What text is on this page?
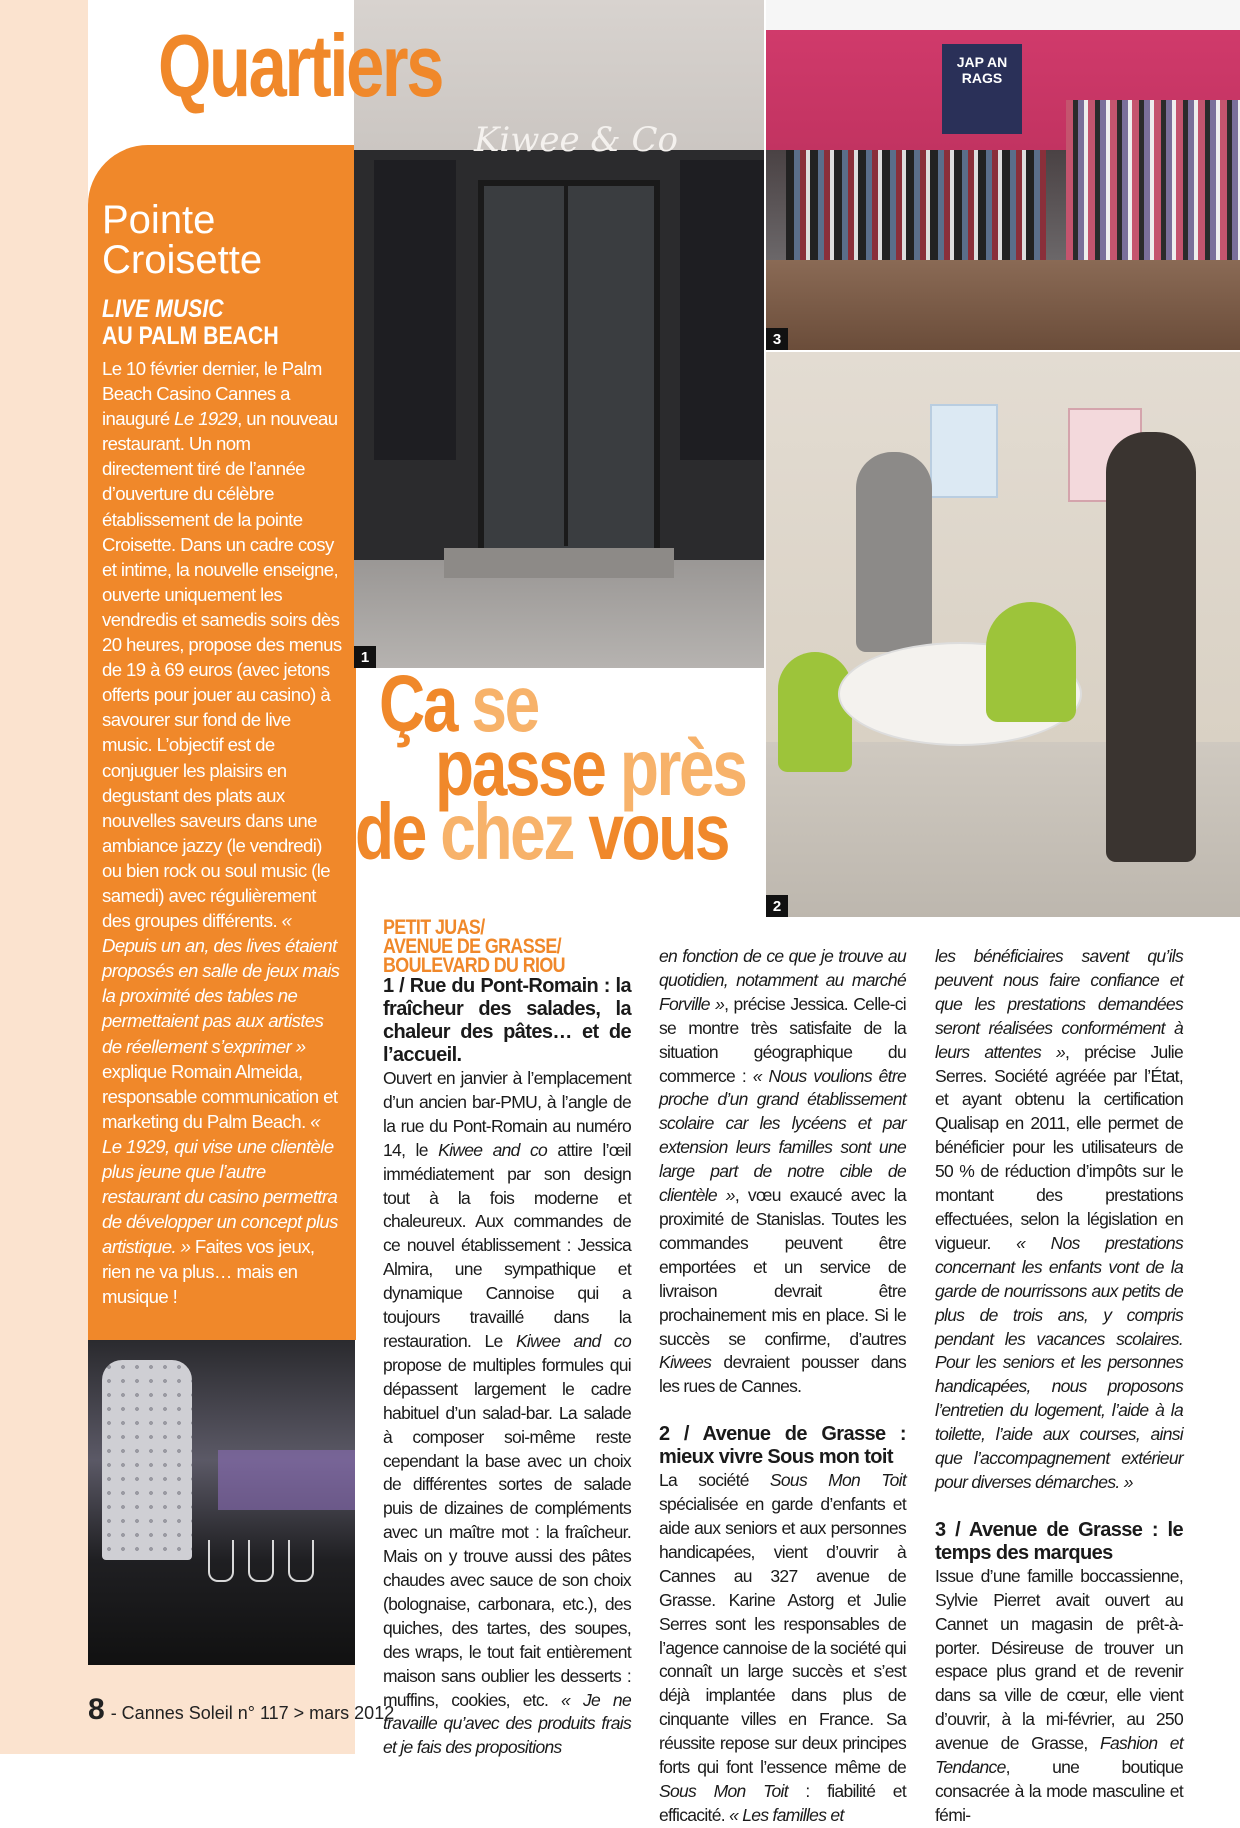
Kiwee & Co
1
JAP AN RAGS
3
2
Quartiers

Pointe
Croisette

LIVE MUSIC

AU PALM BEACH

Le 10 février dernier, le Palm Beach Casino Cannes a inauguré Le 1929, un nouveau restaurant. Un nom directement tiré de l’année d’ouverture du célèbre établissement de la pointe Croisette. Dans un cadre cosy et intime, la nouvelle enseigne, ouverte uniquement les vendredis et samedis soirs dès 20 heures, propose des menus de 19 à 69 euros (avec jetons offerts pour jouer au casino) à savourer sur fond de live music. L’objectif est de conjuguer les plaisirs en degustant des plats aux nouvelles saveurs dans une ambiance jazzy (le vendredi) ou bien rock ou soul music (le samedi) avec régulièrement des groupes différents. « Depuis un an, des lives étaient proposés en salle de jeux mais la proximité des tables ne permettaient pas aux artistes de réellement s’exprimer » explique Romain Almeida, responsable communication et marketing du Palm Beach. « Le 1929, qui vise une clientèle plus jeune que l’autre restaurant du casino permettra de développer un concept plus artistique. » Faites vos jeux, rien ne va plus… mais en musique !

Ça se
passe près
de chez vous

PETIT JUAS/
AVENUE DE GRASSE/
BOULEVARD DU RIOU

1 / Rue du Pont-Romain : la fraîcheur des salades, la chaleur des pâtes… et de l’accueil.

Ouvert en janvier à l’emplacement d’un ancien bar-PMU, à l’angle de la rue du Pont-Romain au numéro 14, le Kiwee and co attire l’œil immédiatement par son design tout à la fois moderne et chaleureux. Aux commandes de ce nouvel établissement : Jessica Almira, une sympathique et dynamique Cannoise qui a toujours travaillé dans la restauration. Le Kiwee and co propose de multiples formules qui dépassent largement le cadre habituel d’un salad-bar. La salade à composer soi-même reste cependant la base avec un choix de différentes sortes de salade puis de dizaines de compléments avec un maître mot : la fraîcheur. Mais on y trouve aussi des pâtes chaudes avec sauce de son choix (bolognaise, carbonara, etc.), des quiches, des tartes, des soupes, des wraps, le tout fait entièrement maison sans oublier les desserts : muffins, cookies, etc. « Je ne travaille qu’avec des produits frais et je fais des propositions

en fonction de ce que je trouve au quotidien, notamment au marché Forville », précise Jessica. Celle-ci se montre très satisfaite de la situation géographique du commerce : « Nous voulions être proche d’un grand établissement scolaire car les lycéens et par extension leurs familles sont une large part de notre cible de clientèle », vœu exaucé avec la proximité de Stanislas. Toutes les commandes peuvent être emportées et un service de livraison devrait être prochainement mis en place. Si le succès se confirme, d’autres Kiwees devraient pousser dans les rues de Cannes.

2 / Avenue de Grasse : mieux vivre Sous mon toit

La société Sous Mon Toit spécialisée en garde d’enfants et aide aux seniors et aux personnes handicapées, vient d’ouvrir à Cannes au 327 avenue de Grasse. Karine Astorg et Julie Serres sont les responsables de l’agence cannoise de la société qui connaît un large succès et s’est déjà implantée dans plus de cinquante villes en France. Sa réussite repose sur deux principes forts qui font l’essence même de Sous Mon Toit : fiabilité et efficacité. « Les familles et

les bénéficiaires savent qu’ils peuvent nous faire confiance et que les prestations demandées seront réalisées conformément à leurs attentes », précise Julie Serres. Société agréée par l’État, et ayant obtenu la certification Qualisap en 2011, elle permet de bénéficier pour les utilisateurs de 50 % de réduction d’impôts sur le montant des prestations effectuées, selon la législation en vigueur. « Nos prestations concernant les enfants vont de la garde de nourrissons aux petits de plus de trois ans, y compris pendant les vacances scolaires. Pour les seniors et les personnes handicapées, nous proposons l’entretien du logement, l’aide à la toilette, l’aide aux courses, ainsi que l’accompagnement extérieur pour diverses démarches. »

3 / Avenue de Grasse : le temps des marques

Issue d’une famille boccassienne, Sylvie Pierret avait ouvert au Cannet un magasin de prêt-à-porter. Désireuse de trouver un espace plus grand et de revenir dans sa ville de cœur, elle vient d’ouvrir, à la mi-février, au 250 avenue de Grasse, Fashion et Tendance, une boutique consacrée à la mode masculine et fémi-

8 - Cannes Soleil n° 117 > mars 2012
